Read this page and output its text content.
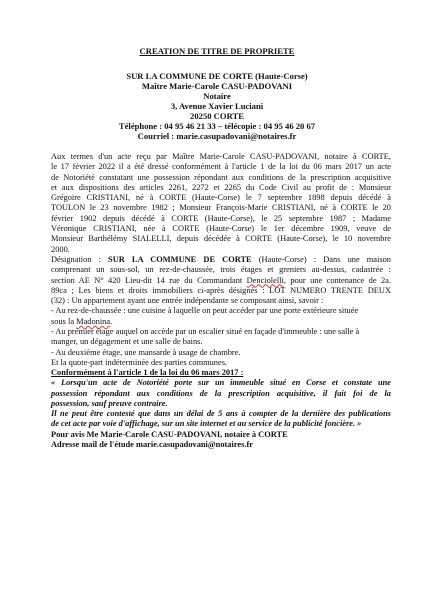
CREATION DE TITRE DE PROPRIETE
SUR LA COMMUNE DE CORTE (Haute-Corse)
Maître Marie-Carole CASU-PADOVANI
Notaire
3, Avenue Xavier Luciani
20250 CORTE
Téléphone : 04 95 46 21 33 – télécopie : 04 95 46 20 67
Courriel : marie.casupadovani@notaires.fr
Aux termes d'un acte reçu par Maître Marie-Carole CASU-PADOVANI, notaire à CORTE,
le 17 février 2022 il a été dressé conformément à l'article 1 de la loi du 06 mars 2017 un acte
de Notoriété constatant une possession répondant aux conditions de la prescription acquisitive
et aux dispositions des articles 2261, 2272 et 2265 du Code Civil au profit de : Monsieur
Grégoire CRISTIANI, né à CORTE (Haute-Corse) le 7 septembre 1898 depuis décédé à
TOULON le 23 novembre 1982 ; Monsieur François-Marie CRISTIANI, né à CORTE le 20
février 1902 depuis décédé à CORTE (Haute-Corse), le 25 septembre 1987 ; Madame
Véronique CRISTIANI, née à CORTE (Haute-Corse) le 1er décembre 1909, veuve de
Monsieur Barthélémy SIALELLI, depuis décédée à CORTE (Haute-Corse), le 10 novembre
2000.
Désignation : SUR LA COMMUNE DE CORTE (Haute-Corse) : Dans une maison
comprenant un sous-sol, un rez-de-chaussée, trois étages et greniers au-dessus, cadastrée :
section AE N° 420 Lieu-dit 14 rue du Commandant Denciolelli, pour une contenance de 2a.
89ca ; Les biens et droits immobiliers ci-après désignés : LOT NUMERO TRENTE DEUX
(32) : Un appartement ayant une entrée indépendante se composant ainsi, savoir :
- Au rez-de-chaussée : une cuisine à laquelle on peut accéder par une porte extérieure située
sous la Madonina.
- Au premier étage auquel on accède par un escalier situé en façade d'immeuble : une salle à
manger, un dégagement et une salle de bains.
- Au deuxième étage, une mansarde à usage de chambre.
Et la quote-part indéterminée des parties communes.
Conformément à l'article 1 de la loi du 06 mars 2017 :
« Lorsqu'un acte de Notoriété porte sur un immeuble situé en Corse et constate une
possession répondant aux conditions de la prescription acquisitive, il fait foi de la
possession, sauf preuve contraire.
Il ne peut être contesté que dans un délai de 5 ans à compter de la dernière des publications
de cet acte par voie d'affichage, sur un site internet et au service de la publicité foncière. »
Pour avis Me Marie-Carole CASU-PADOVANI, notaire à CORTE
Adresse mail de l'étude marie.casupadovani@notaires.fr
